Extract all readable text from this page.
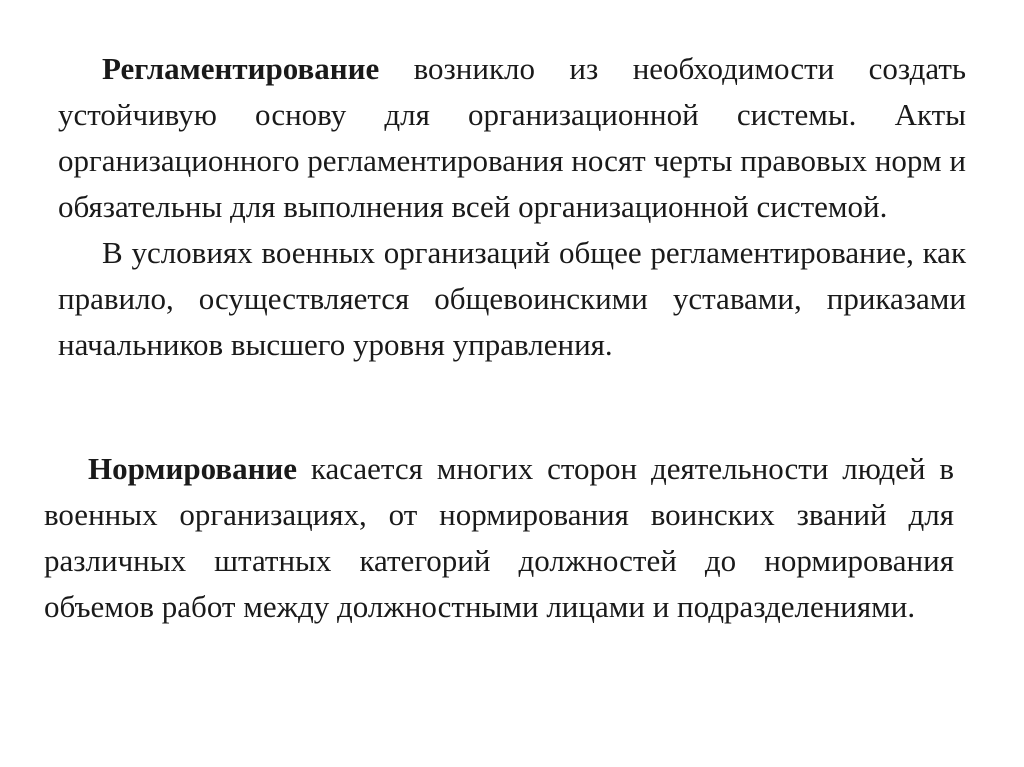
Регламентирование возникло из необходимости создать устойчивую основу для организационной системы. Акты организационного регламентирования носят черты правовых норм и обязательны для выполнения всей организационной системой.

В условиях военных организаций общее регламентирование, как правило, осуществляется общевоинскими уставами, приказами начальников высшего уровня управления.

Нормирование касается многих сторон деятельности людей в военных организациях, от нормирования воинских званий для различных штатных категорий должностей до нормирования объемов работ между должностными лицами и подразделениями.
